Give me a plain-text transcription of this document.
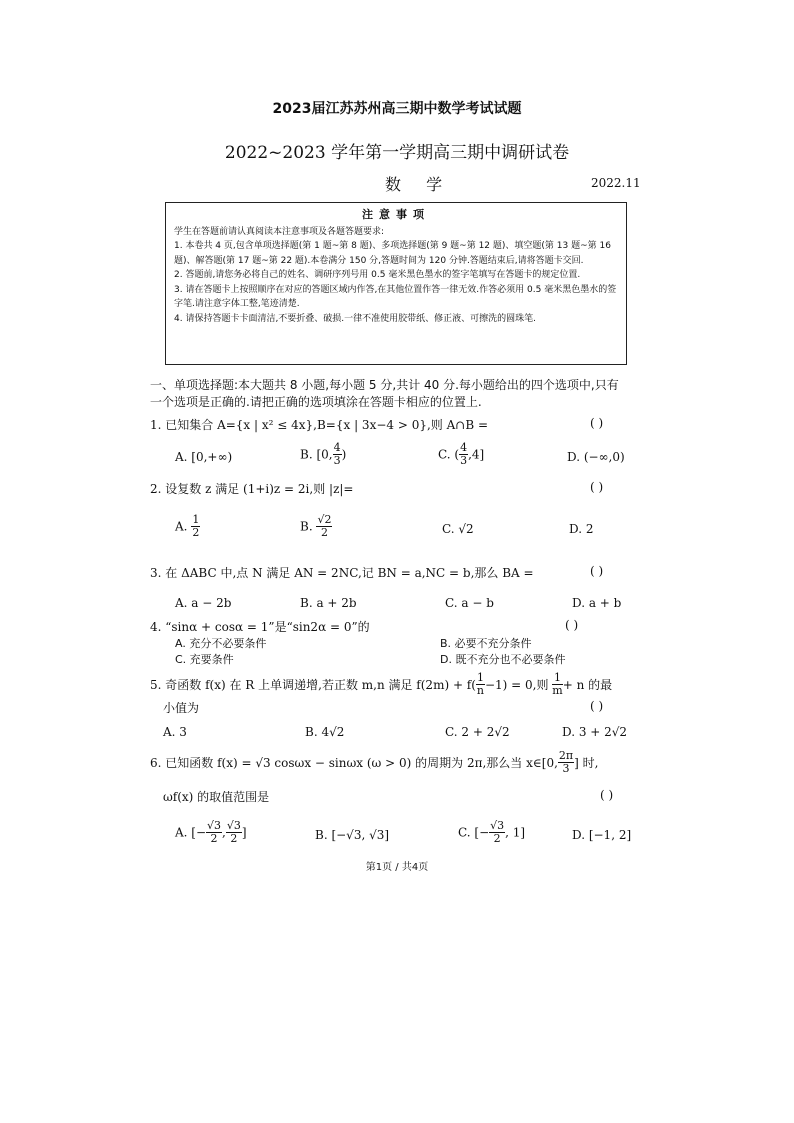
2023届江苏苏州高三期中数学考试试题
2022~2023 学年第一学期高三期中调研试卷
数 学	2022.11
注意事项
学生在答题前请认真阅读本注意事项及各题答题要求:
1. 本卷共 4 页,包含单项选择题(第 1 题~第 8 题)、多项选择题(第 9 题~第 12 题)、填空题(第 13 题~第 16 题)、解答题(第 17 题~第 22 题).本卷满分 150 分,答题时间为 120 分钟.答题结束后,请将答题卡交回.
2. 答题前,请您务必将自己的姓名、调研序列号用 0.5 毫米黑色墨水的签字笔填写在答题卡的规定位置.
3. 请在答题卡上按照顺序在对应的答题区域内作答,在其他位置作答一律无效.作答必须用 0.5 毫米黑色墨水的签字笔.请注意字体工整,笔迹清楚.
4. 请保持答题卡卡面清洁,不要折叠、破损.一律不准使用胶带纸、修正液、可擦洗的圆珠笔.
一、单项选择题:本大题共 8 小题,每小题 5 分,共计 40 分.每小题给出的四个选项中,只有一个选项是正确的.请把正确的选项填涂在答题卡相应的位置上.
1. 已知集合 A={x | x² ≤ 4x},B={x | 3x−4 > 0},则 A∩B =	( )
A. [0,+∞)	B. [0, $\frac{4}{3}$ )	C. ( $\frac{4}{3} ,4$]	D. (−∞,0)
2. 设复数 z 满足 (1+i)z = 2i,则 |z|=	( )
A. $\frac{1}{2}$	B. $\frac{√2}{2}$	C. √2	D. 2
3. 在 ΔABC 中,点 N 满足 AN = 2NC,记 BN = a,NC = b,那么 BA =	( )
A. a − 2b	B. a + 2b	C. a − b	D. a + b
4. “sinα + cosα = 1”是“sin2α = 0”的	( )
A. 充分不必要条件	B. 必要不充分条件
C. 充要条件	D. 既不充分也不必要条件
5. 奇函数 f(x) 在 R 上单调递增,若正数 m,n 满足 $f(2m) + f( \frac{1}{n} -1) = 0$,则 $\frac{1}{m} + n$ 的最
小值为	( )
A. 3	B. 4√2	C. 2 + 2√2	D. 3 + 2√2
6. 已知函数 f(x) = √3 cosωx − sinωx (ω > 0) 的周期为 2π,那么当 x∈[0, $\frac{2\pi}{3}$ ] 时,
ωf(x) 的取值范围是	( )
A. [− $\frac{√3}{2}$ , $\frac{√3}{2}$ ]	B. [−√3, √3]	C. [− $\frac{√3}{2}$ , 1]	D. [−1, 2]
第1页 / 共4页
